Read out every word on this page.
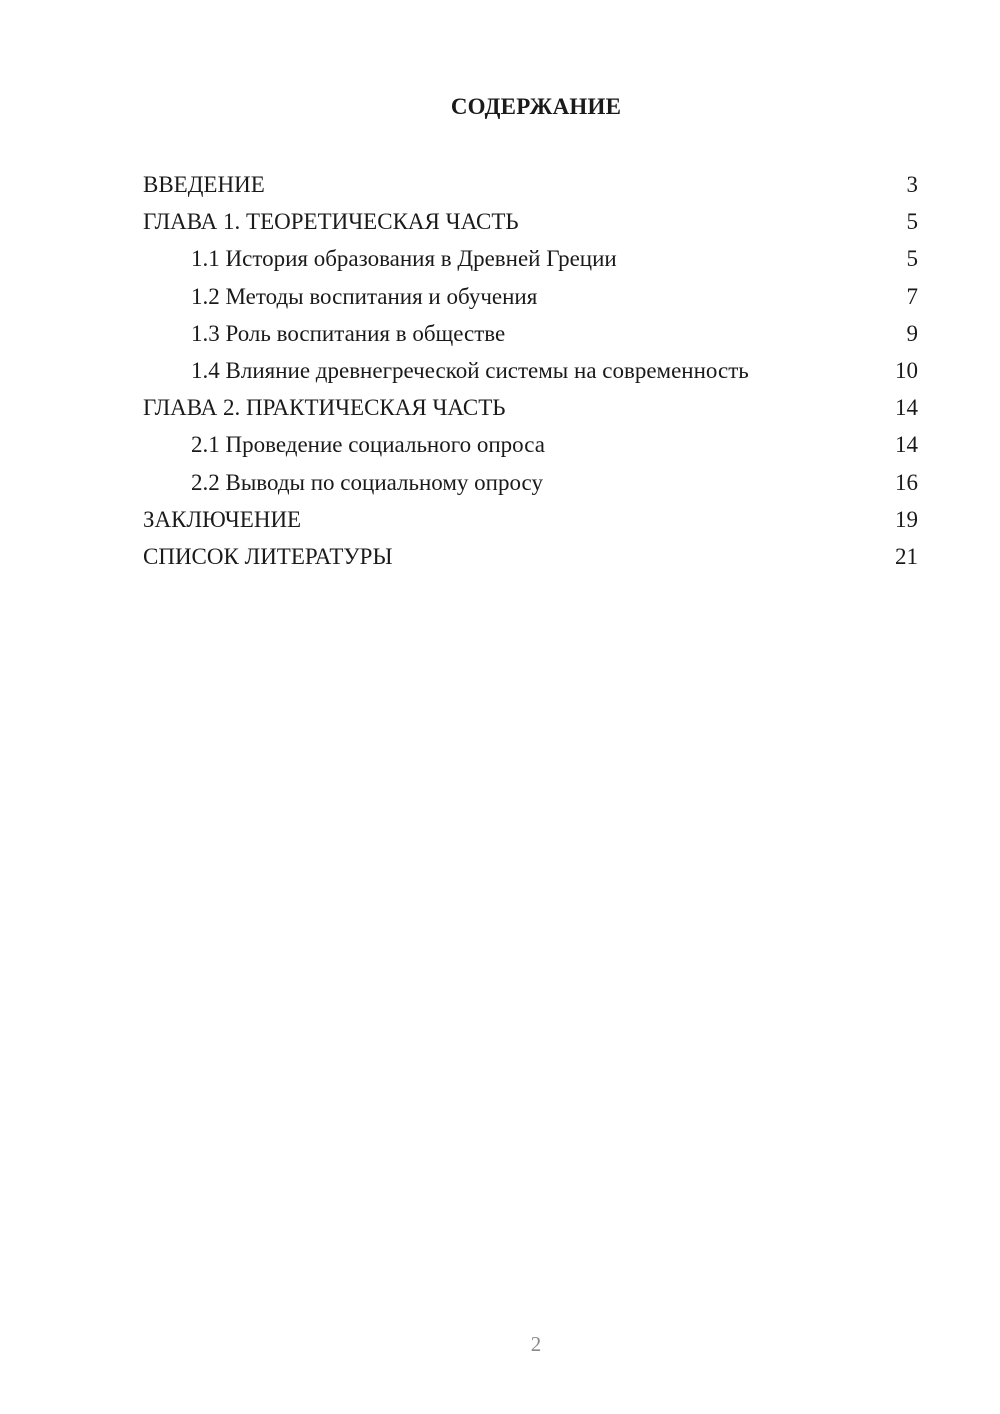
СОДЕРЖАНИЕ
ВВЕДЕНИЕ	3
ГЛАВА 1. ТЕОРЕТИЧЕСКАЯ ЧАСТЬ	5
1.1 История образования в Древней Греции	5
1.2 Методы воспитания и обучения	7
1.3 Роль воспитания в обществе	9
1.4 Влияние древнегреческой системы на современность	10
ГЛАВА 2. ПРАКТИЧЕСКАЯ ЧАСТЬ	14
2.1 Проведение социального опроса	14
2.2 Выводы по социальному опросу	16
ЗАКЛЮЧЕНИЕ	19
СПИСОК ЛИТЕРАТУРЫ	21
2
